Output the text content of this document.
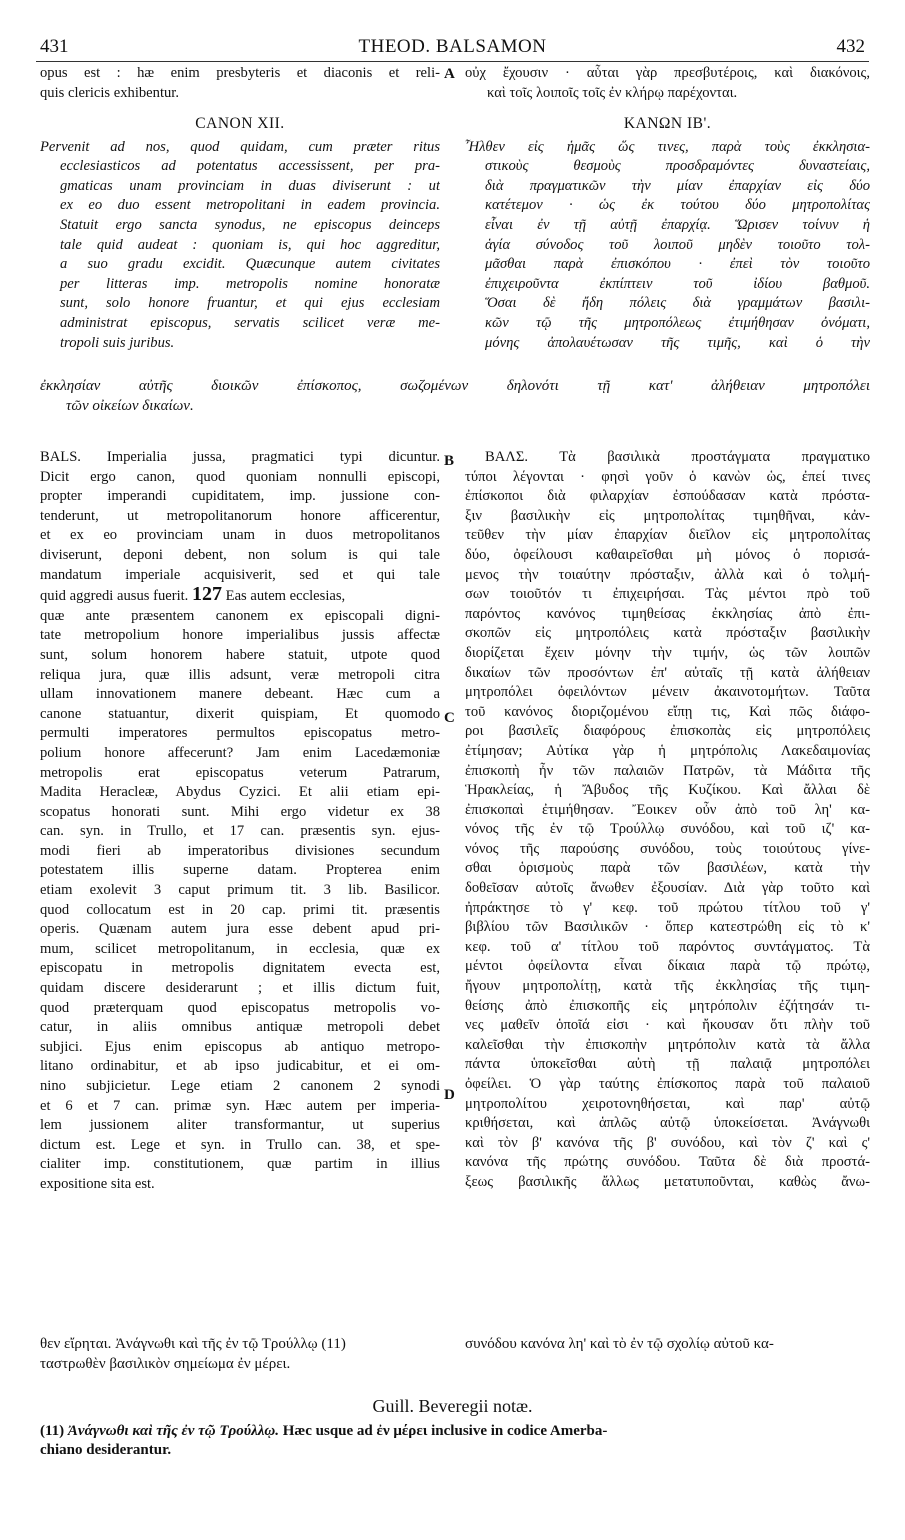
431	THEOD. BALSAMON	432
A
B
C
D
opus est : hæ enim presbyteris et diaconis et reli-
quis clericis exhibentur.
οὐχ ἔχουσιν · αὗται γὰρ πρεσβυτέροις, καὶ διακόνοις,
καὶ τοῖς λοιποῖς τοῖς ἐν κλήρῳ παρέχονται.
CANON XII.
Pervenit ad nos, quod quidam, cum præter ritus
ecclesiasticos ad potentatus accessissent, per pra-
gmaticas unam provinciam in duas diviserunt : ut
ex eo duo essent metropolitani in eadem provincia.
Statuit ergo sancta synodus, ne episcopus deinceps
tale quid audeat : quoniam is, qui hoc aggreditur,
a suo gradu excidit. Quæcunque autem civitates
per litteras imp. metropolis nomine honoratæ
sunt, solo honore fruantur, et qui ejus ecclesiam
administrat episcopus, servatis scilicet veræ me-
tropoli suis juribus.
ΚΑΝΩΝ ΙΒ'.
Ἦλθεν εἰς ἡμᾶς ὥς τινες, παρὰ τοὺς ἐκκλησια-
στικοὺς θεσμοὺς προσδραμόντες δυναστείαις,
διὰ πραγματικῶν τὴν μίαν ἐπαρχίαν εἰς δύο
κατέτεμον · ὡς ἐκ τούτου δύο μητροπολίτας
εἶναι ἐν τῇ αὐτῇ ἐπαρχίᾳ. Ὥρισεν τοίνυν ἡ
ἁγία σύνοδος τοῦ λοιποῦ μηδὲν τοιοῦτο τολ-
μᾶσθαι παρὰ ἐπισκόπου · ἐπεὶ τὸν τοιοῦτο
ἐπιχειροῦντα ἐκπίπτειν τοῦ ἰδίου βαθμοῦ.
Ὅσαι δὲ ἤδη πόλεις διὰ γραμμάτων βασιλι-
κῶν τῷ τῆς μητροπόλεως ἐτιμήθησαν ὀνόματι,
μόνης ἀπολαυέτωσαν τῆς τιμῆς, καὶ ὁ τὴν
ἐκκλησίαν αὐτῆς διοικῶν ἐπίσκοπος, σωζομένων δηλονότι τῇ κατ' ἀλήθειαν μητροπόλει
τῶν οἰκείων δικαίων.
BALS. Imperialia jussa, pragmatici typi dicuntur.
Dicit ergo canon, quod quoniam nonnulli episcopi,
propter imperandi cupiditatem, imp. jussione con-
tenderunt, ut metropolitanorum honore afficerentur,
et ex eo provinciam unam in duos metropolitanos
diviserunt, deponi debent, non solum is qui tale
mandatum imperiale acquisiverit, sed et qui tale
quid aggredi ausus fuerit. 127 Eas autem ecclesias,
quæ ante præsentem canonem ex episcopali digni-
tate metropolium honore imperialibus jussis affectæ
sunt, solum honorem habere statuit, utpote quod
reliqua jura, quæ illis adsunt, veræ metropoli citra
ullam innovationem manere debeant. Hæc cum a
canone statuantur, dixerit quispiam, Et quomodo
permulti imperatores permultos episcopatus metro-
polium honore affecerunt? Jam enim Lacedæmoniæ
metropolis erat episcopatus veterum Patrarum,
Madita Heracleæ, Abydus Cyzici. Et alii etiam epi-
scopatus honorati sunt. Mihi ergo videtur ex 38
can. syn. in Trullo, et 17 can. præsentis syn. ejus-
modi fieri ab imperatoribus divisiones secundum
potestatem illis superne datam. Propterea enim
etiam exolevit 3 caput primum tit. 3 lib. Basilicor.
quod collocatum est in 20 cap. primi tit. præsentis
operis. Quænam autem jura esse debent apud pri-
mum, scilicet metropolitanum, in ecclesia, quæ ex
episcopatu in metropolis dignitatem evecta est,
quidam discere desiderarunt ; et illis dictum fuit,
quod præterquam quod episcopatus metropolis vo-
catur, in aliis omnibus antiquæ metropoli debet
subjici. Ejus enim episcopus ab antiquo metropo-
litano ordinabitur, et ab ipso judicabitur, et ei om-
nino subjicietur. Lege etiam 2 canonem 2 synodi
et 6 et 7 can. primæ syn. Hæc autem per imperia-
lem jussionem aliter transformantur, ut superius
dictum est. Lege et syn. in Trullo can. 38, et spe-
cialiter imp. constitutionem, quæ partim in illius
expositione sita est.
ΒΑΛΣ. Τὰ βασιλικὰ προστάγματα πραγματικο
τύποι λέγονται · φησὶ γοῦν ὁ κανὼν ὡς, ἐπεί τινες
ἐπίσκοποι διὰ φιλαρχίαν ἐσπούδασαν κατὰ πρόστα-
ξιν βασιλικὴν εἰς μητροπολίτας τιμηθῆναι, κἀν-
τεῦθεν τὴν μίαν ἐπαρχίαν διεῖλον εἰς μητροπολίτας
δύο, ὀφείλουσι καθαιρεῖσθαι μὴ μόνος ὁ πορισά-
μενος τὴν τοιαύτην πρόσταξιν, ἀλλὰ καὶ ὁ τολμή-
σων τοιοῦτόν τι ἐπιχειρήσαι. Τὰς μέντοι πρὸ τοῦ
παρόντος κανόνος τιμηθείσας ἐκκλησίας ἀπὸ ἐπι-
σκοπῶν εἰς μητροπόλεις κατὰ πρόσταξιν βασιλικὴν
διορίζεται ἔχειν μόνην τὴν τιμήν, ὡς τῶν λοιπῶν
δικαίων τῶν προσόντων ἐπ' αὐταῖς τῇ κατὰ ἀλήθειαν
μητροπόλει ὀφειλόντων μένειν ἀκαινοτομήτων. Ταῦτα
τοῦ κανόνος διοριζομένου εἴπῃ τις, Καὶ πῶς διάφο-
ροι βασιλεῖς διαφόρους ἐπισκοπὰς εἰς μητροπόλεις
ἐτίμησαν; Αὐτίκα γὰρ ἡ μητρόπολις Λακεδαιμονίας
ἐπισκοπὴ ἦν τῶν παλαιῶν Πατρῶν, τὰ Μάδιτα τῆς
Ἡρακλείας, ἡ Ἄβυδος τῆς Κυζίκου. Καὶ ἄλλαι δὲ
ἐπισκοπαὶ ἐτιμήθησαν. Ἔοικεν οὖν ἀπὸ τοῦ λη' κα-
νόνος τῆς ἐν τῷ Τρούλλῳ συνόδου, καὶ τοῦ ιζ' κα-
νόνος τῆς παρούσης συνόδου, τοὺς τοιούτους γίνε-
σθαι ὁρισμοὺς παρὰ τῶν βασιλέων, κατὰ τὴν
δοθεῖσαν αὐτοῖς ἄνωθεν ἐξουσίαν. Διὰ γὰρ τοῦτο καὶ
ἠπράκτησε τὸ γ' κεφ. τοῦ πρώτου τίτλου τοῦ γ'
βιβλίου τῶν Βασιλικῶν · ὅπερ κατεστρώθη εἰς τὸ κ'
κεφ. τοῦ α' τίτλου τοῦ παρόντος συντάγματος. Τὰ
μέντοι ὀφείλοντα εἶναι δίκαια παρὰ τῷ πρώτῳ,
ἤγουν μητροπολίτῃ, κατὰ τῆς ἐκκλησίας τῆς τιμη-
θείσης ἀπὸ ἐπισκοπῆς εἰς μητρόπολιν ἐζήτησάν τι-
νες μαθεῖν ὁποῖά εἰσι · καὶ ἤκουσαν ὅτι πλὴν τοῦ
καλεῖσθαι τὴν ἐπισκοπὴν μητρόπολιν κατὰ τὰ ἄλλα
πάντα ὑποκεῖσθαι αὐτὴ τῇ παλαιᾷ μητροπόλει
ὀφείλει. Ὁ γὰρ ταύτης ἐπίσκοπος παρὰ τοῦ παλαιοῦ
μητροπολίτου χειροτονηθήσεται, καὶ παρ' αὐτῷ
κριθήσεται, καὶ ἁπλῶς αὐτῷ ὑποκείσεται. Ἀνάγνωθι
καὶ τὸν β' κανόνα τῆς β' συνόδου, καὶ τὸν ζ' καὶ ς'
κανόνα τῆς πρώτης συνόδου. Ταῦτα δὲ διὰ προστά-
ξεως βασιλικῆς ἄλλως μετατυποῦνται, καθὼς ἄνω-
θεν εἴρηται. Ἀνάγνωθι καὶ τῆς ἐν τῷ Τρούλλῳ (11)	συνόδου κανόνα λη' καὶ τὸ ἐν τῷ σχολίῳ αὐτοῦ κα-
ταστρωθὲν βασιλικὸν σημείωμα ἐν μέρει.
Guill. Beveregii notæ.
(11) Ἀνάγνωθι καὶ τῆς ἐν τῷ Τρούλλῳ. Hæc usque ad ἐν μέρει inclusive in codice Amerba-
chiano desiderantur.
